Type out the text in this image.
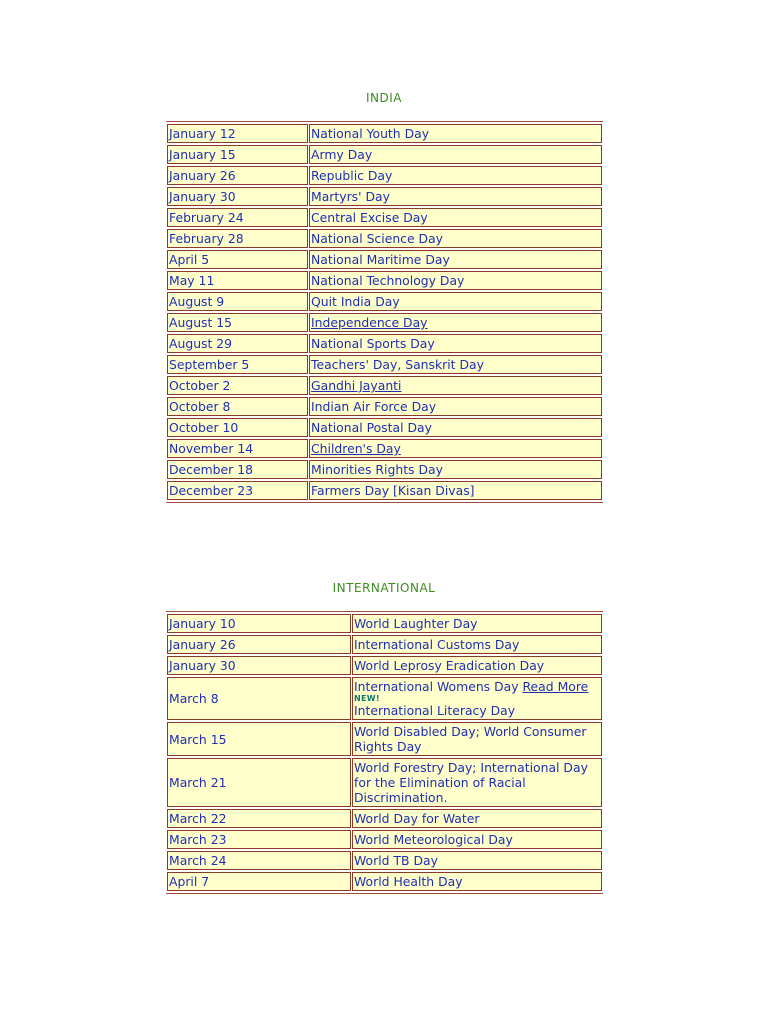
INDIA
January 12	National Youth Day
January 15	Army Day
January 26	Republic Day
January 30	Martyrs' Day
February 24	Central Excise Day
February 28	National Science Day
April 5	National Maritime Day
May 11	National Technology Day
August 9	Quit India Day
August 15	Independence Day
August 29	National Sports Day
September 5	Teachers' Day, Sanskrit Day
October 2	Gandhi Jayanti
October 8	Indian Air Force Day
October 10	National Postal Day
November 14	Children's Day
December 18	Minorities Rights Day
December 23	Farmers Day [Kisan Divas]
INTERNATIONAL
January 10	World Laughter Day
January 26	International Customs Day
January 30	World Leprosy Eradication Day
March 8	International Womens Day Read More
NEW!
International Literacy Day
March 15	World Disabled Day; World Consumer Rights Day
March 21	World Forestry Day; International Day for the Elimination of Racial Discrimination.
March 22	World Day for Water
March 23	World Meteorological Day
March 24	World TB Day
April 7	World Health Day
